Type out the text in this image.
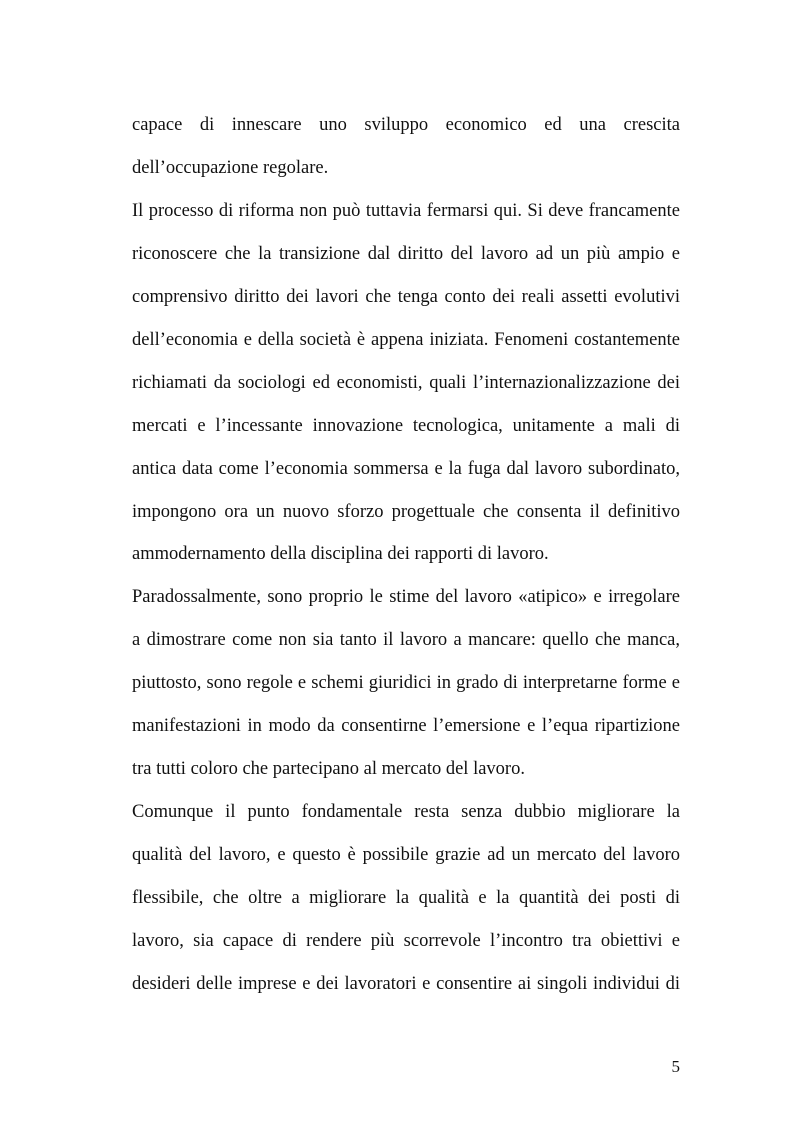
capace di innescare uno sviluppo economico ed una crescita
dell’occupazione regolare.
Il processo di riforma non può tuttavia fermarsi qui. Si deve francamente
riconoscere che la transizione dal diritto del lavoro ad un più ampio e
comprensivo diritto dei lavori che tenga conto dei reali assetti evolutivi
dell’economia e della società è appena iniziata. Fenomeni costantemente
richiamati da sociologi ed economisti, quali l’internazionalizzazione dei
mercati e l’incessante innovazione tecnologica, unitamente a mali di
antica data come l’economia sommersa e la fuga dal lavoro subordinato,
impongono ora un nuovo sforzo progettuale che consenta il definitivo
ammodernamento della disciplina dei rapporti di lavoro.
Paradossalmente, sono proprio le stime del lavoro «atipico» e irregolare
a dimostrare come non sia tanto il lavoro a mancare: quello che manca,
piuttosto, sono regole e schemi giuridici in grado di interpretarne forme e
manifestazioni in modo da consentirne l’emersione e l’equa ripartizione
tra tutti coloro che partecipano al mercato del lavoro.
Comunque il punto fondamentale resta senza dubbio migliorare la
qualità del lavoro, e questo è possibile grazie ad un mercato del lavoro
flessibile, che oltre a migliorare la qualità e la quantità dei posti di
lavoro, sia capace di rendere più scorrevole l’incontro tra obiettivi e
desideri delle imprese e dei lavoratori e consentire ai singoli individui di
5
